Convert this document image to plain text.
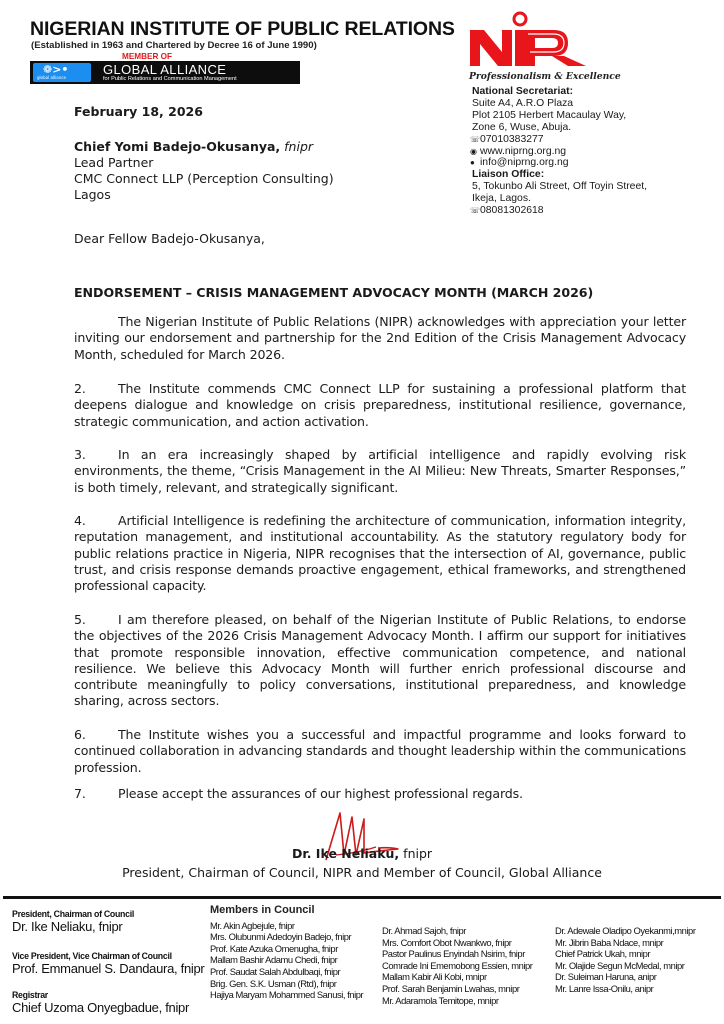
NIGERIAN INSTITUTE OF PUBLIC RELATIONS
(Established in 1963 and Chartered by Decree 16 of June 1990)
MEMBER OF
❁>•
global alliance
GLOBAL ALLIANCE
for Public Relations and Communication Management	Professionalism & Excellence
National Secretariat:
Suite A4, A.R.O Plaza
Plot 2105 Herbert Macaulay Way,
Zone 6, Wuse, Abuja.
☏07010383277
◉ www.niprng.org.ng
● info@niprng.org.ng
Liaison Office:
5, Tokunbo Ali Street, Off Toyin Street,
Ikeja, Lagos.
☏08081302618
February 18, 2026
Chief Yomi Badejo-Okusanya, fnipr
Lead Partner
CMC Connect LLP (Perception Consulting)
Lagos
Dear Fellow Badejo-Okusanya,
ENDORSEMENT – CRISIS MANAGEMENT ADVOCACY MONTH (MARCH 2026)
The Nigerian Institute of Public Relations (NIPR) acknowledges with appreciation your letter inviting our endorsement and partnership for the 2nd Edition of the Crisis Management Advocacy Month, scheduled for March 2026.
2.	The Institute commends CMC Connect LLP for sustaining a professional platform that deepens dialogue and knowledge on crisis preparedness, institutional resilience, governance, strategic communication, and action activation.
3.	In an era increasingly shaped by artificial intelligence and rapidly evolving risk environments, the theme, “Crisis Management in the AI Milieu: New Threats, Smarter Responses,” is both timely, relevant, and strategically significant.
4.	Artificial Intelligence is redefining the architecture of communication, information integrity, reputation management, and institutional accountability. As the statutory regulatory body for public relations practice in Nigeria, NIPR recognises that the intersection of AI, governance, public trust, and crisis response demands proactive engagement, ethical frameworks, and strengthened professional capacity.
5.	I am therefore pleased, on behalf of the Nigerian Institute of Public Relations, to endorse the objectives of the 2026 Crisis Management Advocacy Month. I affirm our support for initiatives that promote responsible innovation, effective communication competence, and national resilience. We believe this Advocacy Month will further enrich professional discourse and contribute meaningfully to policy conversations, institutional preparedness, and knowledge sharing, across sectors.
6.	The Institute wishes you a successful and impactful programme and looks forward to continued collaboration in advancing standards and thought leadership within the communications profession.
7.	Please accept the assurances of our highest professional regards.
Dr. Ike Neliaku, fnipr
President, Chairman of Council, NIPR and Member of Council, Global Alliance
President, Chairman of Council
Dr. Ike Neliaku, fnipr
Vice President, Vice Chairman of Council
Prof. Emmanuel S. Dandaura, fnipr
Registrar
Chief Uzoma Onyegbadue, fnipr
Members in Council
Mr. Akin Agbejule, fnipr
Mrs. Olubunmi Adedoyin Badejo, fnipr
Prof. Kate Azuka Omenugha, fnipr
Mallam Bashir Adamu Chedi, fnipr
Prof. Saudat Salah Abdulbaqi, fnipr
Brig. Gen. S.K. Usman (Rtd), fnipr
Hajiya Maryam Mohammed Sanusi, fnipr
Dr. Ahmad Sajoh, fnipr
Mrs. Comfort Obot Nwankwo, fnipr
Pastor Paulinus Enyindah Nsirim, fnipr
Comrade Ini Ememobong Essien, mnipr
Mallam Kabir Ali Kobi, mnipr
Prof. Sarah Benjamin Lwahas, mnipr
Mr. Adaramola Temitope, mnipr
Dr. Adewale Oladipo Oyekanmi,mnipr
Mr. Jibrin Baba Ndace, mnipr
Chief Patrick Ukah, mnipr
Mr. Olajide Segun McMedal, mnipr
Dr. Suleiman Haruna, anipr
Mr. Lanre Issa-Onilu, anipr
